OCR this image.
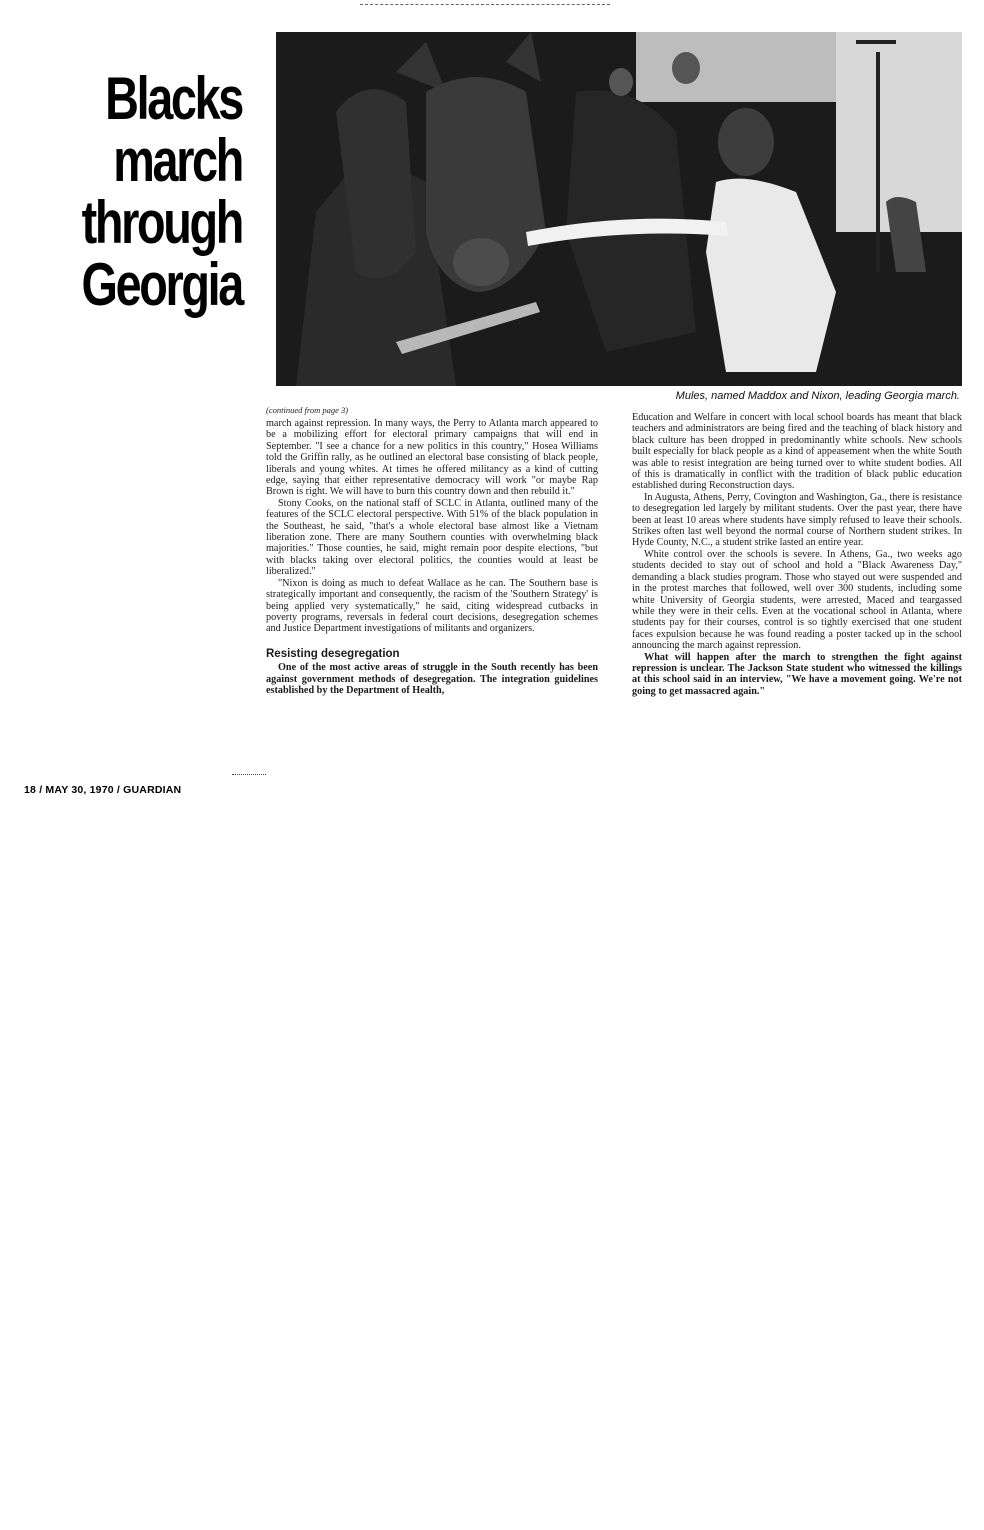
Blacks march
through
Georgia
Mules, named Maddox and Nixon, leading Georgia march.
(continued from page 3)

march against repression. In many ways, the Perry to Atlanta march appeared to be a mobilizing effort for electoral primary campaigns that will end in September. "I see a chance for a new politics in this country," Hosea Williams told the Griffin rally, as he outlined an electoral base consisting of black people, liberals and young whites. At times he offered militancy as a kind of cutting edge, saying that either representative democracy will work "or maybe Rap Brown is right. We will have to burn this country down and then rebuild it."

Stony Cooks, on the national staff of SCLC in Atlanta, outlined many of the features of the SCLC electoral perspective. With 51% of the black population in the Southeast, he said, "that's a whole electoral base almost like a Vietnam liberation zone. There are many Southern counties with overwhelming black majorities." Those counties, he said, might remain poor despite elections, "but with blacks taking over electoral politics, the counties would at least be liberalized."

"Nixon is doing as much to defeat Wallace as he can. The Southern base is strategically important and consequently, the racism of the 'Southern Strategy' is being applied very systematically," he said, citing widespread cutbacks in poverty programs, reversals in federal court decisions, desegregation schemes and Justice Department investigations of militants and organizers.

Resisting desegregation

One of the most active areas of struggle in the South recently has been against government methods of desegregation. The integration guidelines established by the Department of Health,

Education and Welfare in concert with local school boards has meant that black teachers and administrators are being fired and the teaching of black history and black culture has been dropped in predominantly white schools. New schools built especially for black people as a kind of appeasement when the white South was able to resist integration are being turned over to white student bodies. All of this is dramatically in conflict with the tradition of black public education established during Reconstruction days.

In Augusta, Athens, Perry, Covington and Washington, Ga., there is resistance to desegregation led largely by militant students. Over the past year, there have been at least 10 areas where students have simply refused to leave their schools. Strikes often last well beyond the normal course of Northern student strikes. In Hyde County, N.C., a student strike lasted an entire year.

White control over the schools is severe. In Athens, Ga., two weeks ago students decided to stay out of school and hold a "Black Awareness Day," demanding a black studies program. Those who stayed out were suspended and in the protest marches that followed, well over 300 students, including some white University of Georgia students, were arrested, Maced and teargassed while they were in their cells. Even at the vocational school in Atlanta, where students pay for their courses, control is so tightly exercised that one student faces expulsion because he was found reading a poster tacked up in the school announcing the march against repression.

What will happen after the march to strengthen the fight against repression is unclear. The Jackson State student who witnessed the killings at this school said in an interview, "We have a movement going. We're not going to get massacred again."

18 / MAY 30, 1970 / GUARDIAN
